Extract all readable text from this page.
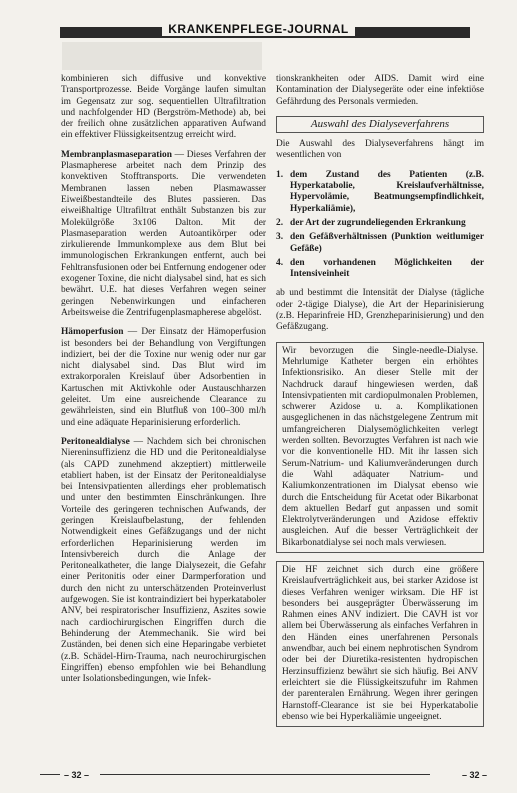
KRANKENPFLEGE-JOURNAL

kombinieren sich diffusive und konvektive Transportprozesse. Beide Vorgänge laufen simultan im Gegensatz zur sog. sequentiellen Ultrafiltration und nachfolgender HD (Bergström-Methode) ab, bei der freilich ohne zusätzlichen apparativen Aufwand ein effektiver Flüssigkeitsentzug erreicht wird.

Membranplasmaseparation — Dieses Verfahren der Plasmapherese arbeitet nach dem Prinzip des konvektiven Stofftransports. Die verwendeten Membranen lassen neben Plasmawasser Eiweißbestandteile des Blutes passieren. Das eiweißhaltige Ultrafiltrat enthält Substanzen bis zur Molekülgröße 3x106 Dalton. Mit der Plasmaseparation werden Autoantikörper oder zirkulierende Immunkomplexe aus dem Blut bei immunologischen Erkrankungen entfernt, auch bei Fehltransfusionen oder bei Entfernung endogener oder exogener Toxine, die nicht dialysabel sind, hat es sich bewährt. U.E. hat dieses Verfahren wegen seiner geringen Nebenwirkungen und einfacheren Arbeitsweise die Zentrifugenplasmapherese abgelöst.

Hämoperfusion — Der Einsatz der Hämoperfusion ist besonders bei der Behandlung von Vergiftungen indiziert, bei der die Toxine nur wenig oder nur gar nicht dialysabel sind. Das Blut wird im extrakorporalen Kreislauf über Adsorbentien in Kartuschen mit Aktivkohle oder Austauschharzen geleitet. Um eine ausreichende Clearance zu gewährleisten, sind ein Blutfluß von 100–300 ml/h und eine adäquate Heparinisierung erforderlich.

Peritonealdialyse — Nachdem sich bei chronischen Niereninsuffizienz die HD und die Peritonealdialyse (als CAPD zunehmend akzeptiert) mittlerweile etabliert haben, ist der Einsatz der Peritonealdialyse bei Intensivpatienten allerdings eher problematisch und unter den bestimmten Einschränkungen. Ihre Vorteile des geringeren technischen Aufwands, der geringen Kreislaufbelastung, der fehlenden Notwendigkeit eines Gefäßzugangs und der nicht erforderlichen Heparinisierung werden im Intensivbereich durch die Anlage der Peritonealkatheter, die lange Dialysezeit, die Gefahr einer Peritonitis oder einer Darmperforation und durch den nicht zu unterschätzenden Proteinverlust aufgewogen. Sie ist kontraindiziert bei hyperkataboler ANV, bei respiratorischer Insuffizienz, Aszites sowie nach cardiochirurgischen Eingriffen durch die Behinderung der Atemmechanik. Sie wird bei Zuständen, bei denen sich eine Heparingabe verbietet (z.B. Schädel-Hirn-Trauma, nach neurochirurgischen Eingriffen) ebenso empfohlen wie bei Behandlung unter Isolationsbedingungen, wie Infek-

tionskrankheiten oder AIDS. Damit wird eine Kontamination der Dialysegeräte oder eine infektiöse Gefährdung des Personals vermieden.

Auswahl des Dialyseverfahrens

Die Auswahl des Dialyseverfahrens hängt im wesentlichen von

1. dem Zustand des Patienten (z.B. Hyperkatabolie, Kreislaufverhältnisse, Hypervolämie, Beatmungsempfindlichkeit, Hyperkaliämie),
2. der Art der zugrundeliegenden Erkrankung
3. den Gefäßverhältnissen (Punktion weitlumiger Gefäße)
4. den vorhandenen Möglichkeiten der Intensiveinheit

ab und bestimmt die Intensität der Dialyse (tägliche oder 2-tägige Dialyse), die Art der Heparinisierung (z.B. Heparinfreie HD, Grenzheparinisierung) und den Gefäßzugang.

Wir bevorzugen die Single-needle-Dialyse. Mehrlumige Katheter bergen ein erhöhtes Infektionsrisiko. An dieser Stelle mit der Nachdruck darauf hingewiesen werden, daß Intensivpatienten mit cardiopulmonalen Problemen, schwerer Azidose u. a. Komplikationen ausgeglichenen in das nächstgelegene Zentrum mit umfangreicheren Dialysemöglichkeiten verlegt werden sollten. Bevorzugtes Verfahren ist nach wie vor die konventionelle HD. Mit ihr lassen sich Serum-Natrium- und Kaliumveränderungen durch die Wahl adäquater Natrium- und Kaliumkonzentrationen im Dialysat ebenso wie durch die Entscheidung für Acetat oder Bikarbonat dem aktuellen Bedarf gut anpassen und somit Elektrolytveränderungen und Azidose effektiv ausgleichen. Auf die besser Verträglichkeit der Bikarbonatdialyse sei noch mals verwiesen.
Die HF zeichnet sich durch eine größere Kreislaufverträglichkeit aus, bei starker Azidose ist dieses Verfahren weniger wirksam. Die HF ist besonders bei ausgeprägter Überwässerung im Rahmen eines ANV indiziert. Die CAVH ist vor allem bei Überwässerung als einfaches Verfahren in den Händen eines unerfahrenen Personals anwendbar, auch bei einem nephrotischen Syndrom oder bei der Diuretika-resistenten hydropischen Herzinsuffizienz bewährt sie sich häufig. Bei ANV erleichtert sie die Flüssigkeitszufuhr im Rahmen der parenteralen Ernährung. Wegen ihrer geringen Harnstoff-Clearance ist sie bei Hyperkatabolie ebenso wie bei Hyperkaliämie ungeeignet.
– 32 –	– 32 –
